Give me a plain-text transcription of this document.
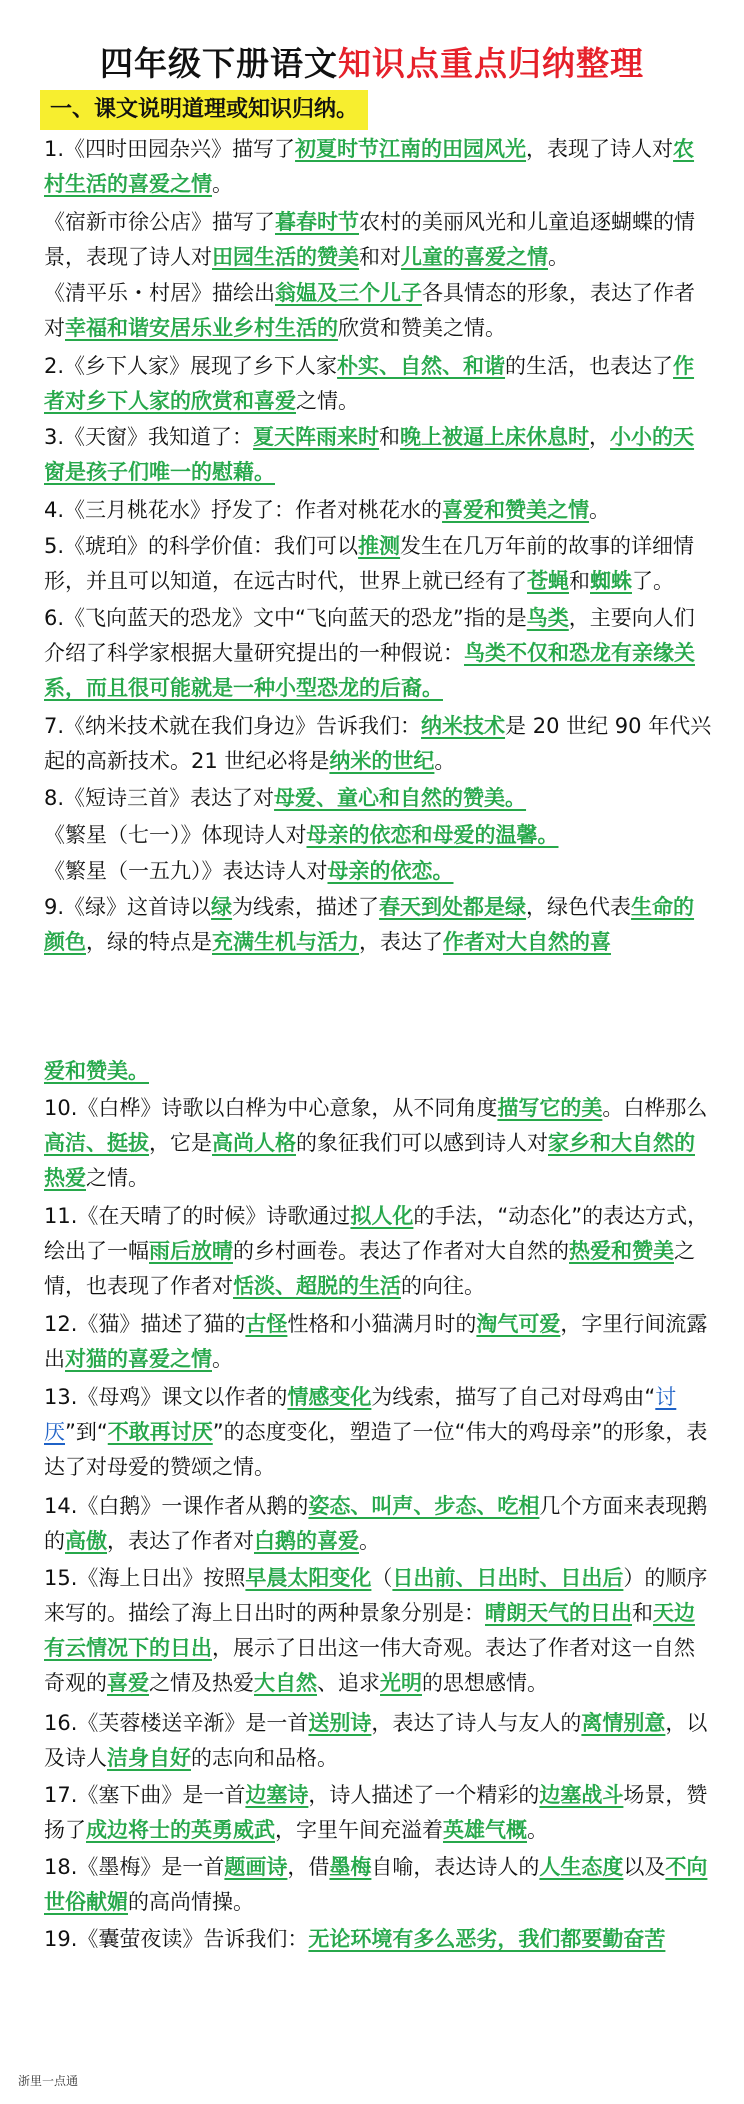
四年级下册语文知识点重点归纳整理
一、课文说明道理或知识归纳。

1.《四时田园杂兴》描写了初夏时节江南的田园风光，表现了诗人对农村生活的喜爱之情。

《宿新市徐公店》描写了暮春时节农村的美丽风光和儿童追逐蝴蝶的情景，表现了诗人对田园生活的赞美和对儿童的喜爱之情。

《清平乐・村居》描绘出翁媪及三个儿子各具情态的形象，表达了作者对幸福和谐安居乐业乡村生活的欣赏和赞美之情。

2.《乡下人家》展现了乡下人家朴实、自然、和谐的生活，也表达了作者对乡下人家的欣赏和喜爱之情。

3.《天窗》我知道了：夏天阵雨来时和晚上被逼上床休息时，小小的天窗是孩子们唯一的慰藉。

4.《三月桃花水》抒发了：作者对桃花水的喜爱和赞美之情。

5.《琥珀》的科学价值：我们可以推测发生在几万年前的故事的详细情形，并且可以知道，在远古时代，世界上就已经有了苍蝇和蜘蛛了。

6.《飞向蓝天的恐龙》文中“飞向蓝天的恐龙”指的是鸟类，主要向人们介绍了科学家根据大量研究提出的一种假说：鸟类不仅和恐龙有亲缘关系，而且很可能就是一种小型恐龙的后裔。

7.《纳米技术就在我们身边》告诉我们：纳米技术是 20 世纪 90 年代兴起的高新技术。21 世纪必将是纳米的世纪。

8.《短诗三首》表达了对母爱、童心和自然的赞美。

《繁星（七一）》体现诗人对母亲的依恋和母爱的温馨。

《繁星（一五九）》表达诗人对母亲的依恋。

9.《绿》这首诗以绿为线索，描述了春天到处都是绿，绿色代表生命的颜色，绿的特点是充满生机与活力，表达了作者对大自然的喜

爱和赞美。

10.《白桦》诗歌以白桦为中心意象，从不同角度描写它的美。白桦那么高洁、挺拔，它是高尚人格的象征我们可以感到诗人对家乡和大自然的热爱之情。

11.《在天晴了的时候》诗歌通过拟人化的手法，“动态化”的表达方式，绘出了一幅雨后放晴的乡村画卷。表达了作者对大自然的热爱和赞美之情，也表现了作者对恬淡、超脱的生活的向往。

12.《猫》描述了猫的古怪性格和小猫满月时的淘气可爱，字里行间流露出对猫的喜爱之情。

13.《母鸡》课文以作者的情感变化为线索，描写了自己对母鸡由“讨厌”到“不敢再讨厌”的态度变化，塑造了一位“伟大的鸡母亲”的形象，表达了对母爱的赞颂之情。

14.《白鹅》一课作者从鹅的姿态、叫声、步态、吃相几个方面来表现鹅的高傲，表达了作者对白鹅的喜爱。

15.《海上日出》按照早晨太阳变化（日出前、日出时、日出后）的顺序来写的。描绘了海上日出时的两种景象分别是：晴朗天气的日出和天边有云情况下的日出，展示了日出这一伟大奇观。表达了作者对这一自然奇观的喜爱之情及热爱大自然、追求光明的思想感情。

16.《芙蓉楼送辛渐》是一首送别诗，表达了诗人与友人的离情别意，以及诗人洁身自好的志向和品格。

17.《塞下曲》是一首边塞诗，诗人描述了一个精彩的边塞战斗场景，赞扬了成边将士的英勇威武，字里午间充溢着英雄气概。

18.《墨梅》是一首题画诗，借墨梅自喻，表达诗人的人生态度以及不向世俗献媚的高尚情操。

19.《囊萤夜读》告诉我们：无论环境有多么恶劣，我们都要勤奋苦

浙里一点通
